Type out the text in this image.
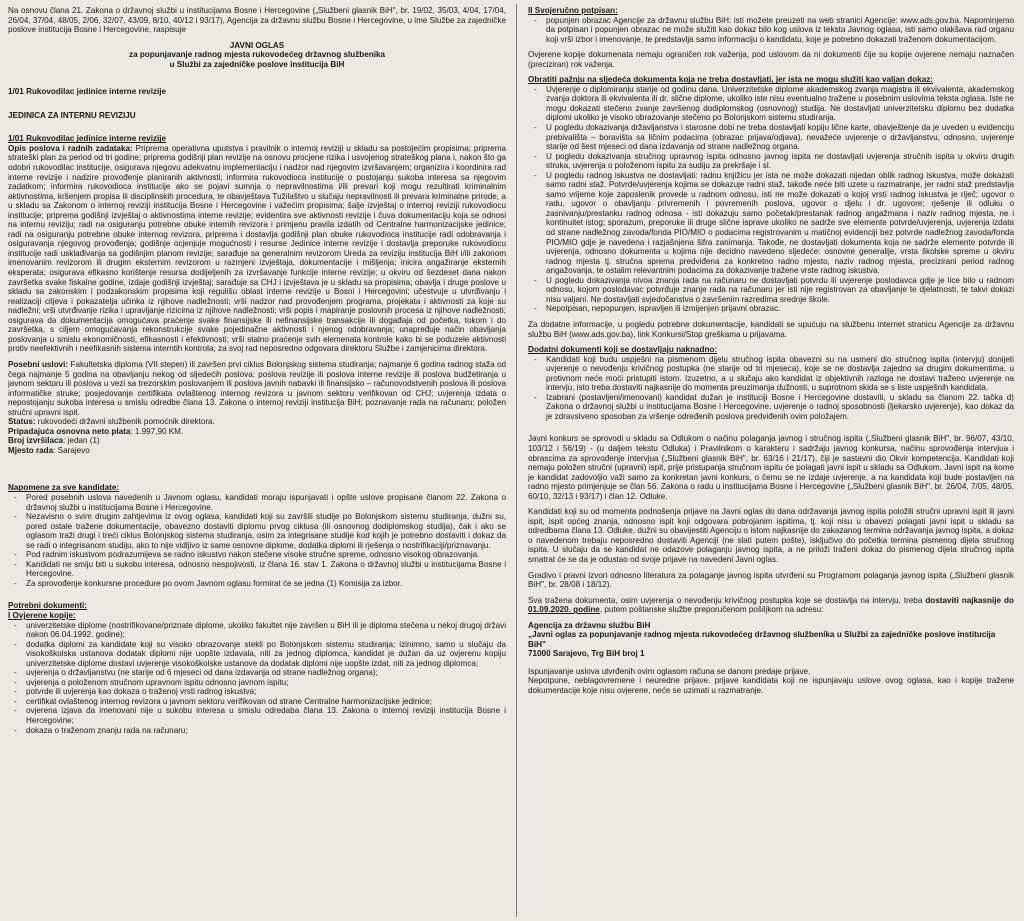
Na osnovu člana 21. Zakona o državnoj službi u institucijama Bosne i Hercegovine („Službeni glasnik BiH", br. 19/02, 35/03, 4/04, 17/04, 26/04, 37/04, 48/05, 2/06, 32/07, 43/09, 8/10, 40/12 i 93/17), Agencija za državnu službu Bosne i Hercegovine, u ime Službe za zajedničke poslove institucija Bosne i Hercegovine, raspisuje

JAVNI OGLAS
za popunjavanje radnog mjesta rukovodećeg državnog službenika
u Službi za zajedničke poslove institucija BiH
1/01 Rukovodilac jedinice interne revizije
JEDINICA ZA INTERNU REVIZIJU
1/01 Rukovodilac jedinice interne revizije

Opis poslova i radnih zadataka: Priprema operativna uputstva i pravilnik o internoj reviziji u skladu sa postojećim propisima; priprema strateški plan za period od tri godine; priprema godišnji plan revizije na osnovu procjene rizika i usvojenog strateškog plana i, nakon što ga odobri rukovodilac institucije, osigurava njegovu adekvatnu implementaciju i nadzor nad njegovim izvršavanjem; organizira i koordinira rad interne revizije i nadzire provođenje planiranih aktivnosti; informira rukovodioca institucije o postojanju sukoba interesa sa njegovim zadatkom; informira rukovodioca institucije ako se pojavi sumnja o nepravilnostima i/ili prevari koji mogu rezultirati kriminalnim aktivnostima, kršenjem propisa ili disciplinskih procedura, te obavještava Tužilaštvo u slučaju nepravilnosti ili prevara kriminalne prirode, a u skladu sa Zakonom o internoj reviziji institucija Bosne i Hercegovine i važećim propisima; šalje izvještaj o internoj reviziji rukovodiocu institucije; priprema godišnji izvještaj o aktivnostima interne revizije; evidentira sve aktivnosti revizije i čuva dokumentaciju koja se odnosi na internu reviziju; radi na osiguranju potrebne obuke internih revizora i primjenu pravila izdatih od Centralne harmonizacijske jedinice; radi na osiguranju potrebne obuke internog revizora, priprema i dostavlja godišnji plan obuke rukovodioca institucije radi odobravanja i osiguravanja njegovog provođenja; godišnje ocjenjuje mogućnosti i resurse Jedinice interne revizije i dostavlja preporuke rukovodiocu institucije radi usklađivanja sa godišnjim planom revizije; sarađuje sa generalnim revizorom Ureda za reviziju institucija BiH i/ili zakonom imenovanim revizorom ili drugim eksternim revizorom u razmjeni izvještaja, dokumentacije i mišljenja; inicira angažiranje eksternih eksperata; osigurava efikasno korištenje resursa dodijeljenih za izvršavanje funkcije interne revizije; u okviru od šezdeset dana nakon završetka svake fiskalne godine, izdaje godišnji izvještaj; sarađuje sa CHJ i izvještava je u skladu sa propisima; obavlja i druge poslove u skladu sa zakonskim i podzakonskim propisima koji regulišu oblast interne revizije u Bosni i Hercegovini; učestvuje u utvrđivanju i realizaciji ciljeva i pokazatelja učinka iz njihove nadležnosti; vrši nadzor nad provođenjem programa, projekata i aktivnosti za koje su nadležni; vrši utvrđivanje rizika i upravljanje rizicima iz njihove nadležnosti; vrši popis i mapiranje poslovnih procesa iz njihove nadležnosti; osigurava da dokumentacija omogućava praćenje svake finansijske ili nefinansijske transakcije ili događaja od početka, tokom i do završetka, s ciljem omogućavanja rekonstrukcije svake pojedinačne aktivnosti i njenog odobravanja; unapređuje način obavljanja poslovanja u smislu ekonomičnosti, efikasnosti i efektivnosti; vrši stalno praćenje svih elemenata kontrole kako bi se poduzele aktivnosti protiv neefektivnih i neefikasnih sistema interntih kontrola; za svoj rad neposredno odgovara direktoru Službe i zamjenicima direktora.

Posebni uslovi: Fakultetska diploma (VII stepen) ili završen prvi ciklus Bolonjskog sistema studiranja; najmanje 6 godina radnog staža od čega najmanje 5 godina na obavljanju nekog od sljedećih poslova: poslova revizije ili poslova interne revizije ili poslova budžetiranja u javnom sektoru ili poslova u vezi sa trezorskim poslovanjem ili poslova javnih nabavki ili finansijsko – računovodstvenih poslova ili poslova informatičke struke; posjedovanje certifikata ovlaštenog internog revizora u javnom sektoru verifikovan od CHJ; uvjerenja izdata o nepostojanju sukoba interesa u smislu odredbe člana 13. Zakona o internoj reviziji institucija BiH; poznavanje rada na računaru; položen stručni upravni ispit.

Status: rukovodeći državni službenik pomoćnik direktora.
Pripadajuća osnovna neto plata: 1.997,90 KM.
Broj izvršilaca: jedan (1)
Mjesto rada: Sarajevo
Napomene za sve kandidate:
- Pored posebnih uslova navedenih u Javnom oglasu, kandidati moraju ispunjavati i opšte uslove propisane članom 22. Zakona o državnoj službi u institucijama Bosne i Hercegovine.
- Nezavisno o svim drugim zahtjevima iz ovog oglasa, kandidati koji su završili studije po Bolonjskom sistemu studiranja, dužni su, pored ostale tražene dokumentacije, obavezno dostaviti diplomu prvog ciklusa (ili osnovnog dodiplomskog studija), čak i ako se oglasom traži drugi i treći ciklus Bolonjskog sistema studiranja, osim za integrisane studije kod kojih je potrebno dostaviti i dokaz da se radi o integrisanom studiju, ako to nije vidljivo iz same osnovne diplome, dodatka diplomi ili rješenja o nostrifikaciji/priznavanju.
- Pod radnim iskustvom podrazumijeva se radno iskustvo nakon stečene visoke stručne spreme, odnosno visokog obrazovanja.
- Kandidati ne smiju biti u sukobu interesa, odnosno nespojivosti, iz člana 16. stav 1. Zakona o državnoj službi u institucijama Bosne i Hercegovine.
- Za sprovođenje konkursne procedure po ovom Javnom oglasu formirat će se jedna (1) Komisija za izbor.
Potrebni dokumenti:
I Ovjerene kopije:
- univerzitetske diplome (nostrifikovane/priznate diplome, ukoliko fakultet nije završen u BiH ili je diploma stečena u nekoj drugoj državi nakon 06.04.1992. godine);
- dodatka diplomi za kandidate koji su visoko obrazovanje stekli po Bolonjskom sistemu studiranja; izinimno, samo u slučaju da visokoškolska ustanova dodatak diplomi nije uopšte izdavala, niti za jednog diplomca, kandidat je dužan da uz ovjerenu kopiju univerzitetske diplome dostavi uvjerenje visokoškolske ustanove da dodatak diplomi nije uopšte izdat, niti za jednog diplomca;
- uvjerenja o državljanstvu (ne starije od 6 mjeseci od dana izdavanja od strane nadležnog organa);
- uvjerenja o položenom stručnom upravnom ispitu odnosno javnom ispitu;
- potvrde ili uvjerenja kao dokaza o traženoj vrsti radnog iskustva;
- certifikat ovlaštenog internog revizora u javnom sektoru verifikovan od strane Centralne harmonizacijske jedinice;
- ovjerena izjava da imenovani nije u sukobu interesa u smislu odredaba člana 13. Zakona o internoj reviziji institucija Bosne i Hercegovine;
- dokaza o traženom znanju rada na računaru;
II Svojeručno potpisan:
- popunjen obrazac Agencije za državnu službu BiH: isti možete preuzeti na web stranici Agencije: www.ads.gov.ba. Napominjemo da potpisan i popunjen obrazac ne može služiti kao dokaz bilo kog uslova iz teksta Javnog oglasa, isti samo olakšava rad organu koji vrši izbor i imenovanje, te predstavlja samo informaciju o kandidatu, koje je potrebno dokazati traženom dokumentacijom.

Ovjerene kopije dokumenata nemaju ograničen rok važenja, pod uslovom da ni dokumenti čije su kopije ovjerene nemaju naznačen (preciziran) rok važenja.

Obratiti pažnju na sljedeća dokumenta koja ne treba dostavljati, jer ista ne mogu služiti kao valjan dokaz:
- Uvjerenje o diplomiranju starije od godinu dana. Univerzitetske diplome akademskog zvanja magistra ili ekvivalenta, akademskog zvanja doktora ili ekvivalenta ili dr. slične diplome, ukoliko iste nisu eventualno tražene u posebnim uslovima teksta oglasa. Iste ne mogu dokazati stečeno zvanje završenog dodiplomskog (osnovnog) studija. Ne dostavljati univerzitetsku diplomu bez dodatka diplomi ukoliko je visoko obrazovanje stečeno po Bolonjskom sistemu studiranja.
- U pogledu dokazivanja državljanstva i starosne dobi ne treba dostavljati kopiju lične karte, obavještenje da je uveden u evidenciju prebivališta – boravišta sa ličnim podacima (obrazac prijava/odjava), nevažeće uvjerenje o državljanstvu, odnosno, uvjerenje starije od šest mjeseci od dana izdavanja od strane nadležnog organa.
- U pogledu dokazivanja stručnog upravnog ispita odnosno javnog ispita ne dostavljati uvjerenja stručnih ispita u okviru drugih struka, uvjerenja o položenom ispitu za sudiju za prekršaje i sl.
- U pogledu radnog iskustva ne dostavljati: radnu knjižicu jer ista ne može dokazati nijedan oblik radnog iskustva, može dokazati samo radni staž. Potvrde/uvjerenja kojima se dokazuje radni staž, takođe neće biti uzete u razmatranje, jer radni staž predstavlja samo vrijeme koje zaposlenik provede u radnom odnosu, isti ne može dokazati o kojoj vrsti radnog iskustva je riječ; ugovor o radu, ugovor o obavljanju privremenih i povremenih poslova, ugovor o djelu i dr. ugovore; rješenje ili odluku o zasnivanju/prestanku radnog odnosa - isti dokazuju samo početak/prestanak radnog angažmana i naziv radnog mjesta, ne i kontinuitet istog; sporazum, preporuke ili druge slične isprave ukoliko ne sadrže sve elemente potvrde/uvjerenja, uvjerenja izdata od strane nadležnog zavoda/fonda PIO/MIO o podacima registrovanim u matičnoj evidenciji bez potvrde nadležnog zavoda/fonda PIO/MIO gdje je navedena i razjašnjena šifra zanimanja. Takođe, ne dostavljati dokumenta koja ne sadrže elemente potvrde ili uvjerenja, odnosno dokumenta u kojima nije decidno navedeno sljedeće: osnovne generalije, vrsta školske spreme u okviru radnog mjesta tj. stručna sprema predviđena za konkretno radno mjesto, naziv radnog mjesta, precizirani period radnog angažovanja, te ostalim relevantnim podacima za dokazivanje tražene vrste radnog iskustva.
- U pogledu dokazivanja nivoa znanja rada na računaru ne dostavljati potvrdu ili uvjerenje poslodavca gdje je lice bilo u radnom odnosu, kojom poslodavac potvrđuje znanje rada na računaru jer isti nije registrovan za obavljanje te djelatnosti, te takvi dokazi nisu valjani. Ne dostavljati svjedočanstva o završenim razredima srednje škole.
- Nepotpisan, nepopunjen, ispravljen ili izmijenjen prijavni obrazac.

Za dodatne informacije, u pogledu potrebne dokumentacije, kandidati se upućuju na službenu internet stranicu Agencije za državnu službu BiH (www.ads.gov.ba), link Konkursi/Stop greškama u prijavama.

Dodatni dokumenti koji se dostavljaju naknadno:
- Kandidati koji budu uspješni na pismenom dijelu stručnog ispita obavezni su na usmeni dio stručnog ispita (intervju) donijeti uvjerenje o nevođenju krivičnog postupka (ne starije od tri mjeseca), koje se ne dostavlja zajedno sa drugim dokumentima, u protivnom neće moći pristupiti istom. Izuzetno, a u slučaju ako kandidat iz objektivnih razloga ne dostavi traženo uvjerenje na intervju, isto treba dostaviti najkasnije do momenta preuzimanja dužnosti, u suprotnom skida se s liste uspješnih kandidata.
- Izabrani (postavljeni/imenovani) kandidat dužan je instituciji Bosne i Hercegovine dostaviti, u skladu sa članom 22. tačka d) Zakona o državnoj službi u institucijama Bosne i Hercegovine, uvjerenje o radnoj sposobnosti (ljekarsko uvjerenje), kao dokaz da je zdravstveno sposoban za vršenje određenih poslova predviđenih ovim položajem.

Javni konkurs se sprovodi u skladu sa Odlukom o načinu polaganja javnog i stručnog ispita („Službeni glasnik BiH", br. 96/07, 43/10, 103/12 i 56/19) - (u daljem tekstu Odluka) i Pravilnikom o karakteru i sadržaju javnog konkursa, načinu sprovođenja intervjua i obrascima za sprovođenje intervjua („Službeni glasnik BiH", br. 63/16 i 21/17), čiji je sastavni dio Okvir kompetencija. Kandidati koji nemaju položen stručni (upravni) ispit, prije pristupanja stručnom ispitu će polagati javni ispit u skladu sa Odlukom. Javni ispit na kome je kandidat zadovoljio važi samo za konkretan javni konkurs, o čemu se ne izdaje uvjerenje, a na kandidata koji bude postavljen na radno mjesto primjenjuje se član 56. Zakona o radu u institucijama Bosne i Hercegovine („Službeni glasnik BiH", br. 26/04, 7/05, 48/05, 60/10, 32/13 i 93/17) i član 12. Odluke.

Kandidati koji su od momenta podnošenja prijave na Javni oglas do dana održavanja javnog ispita položili stručni upravni ispit ili javni ispit, ispit općeg znanja, odnosno ispit koji odgovara pobrojanim ispitima, tj. koji nisu u obavezi polagati javni ispit u skladu sa odredbama člana 13. Odluke, dužni su obavijestiti Agenciju o istom najkasnije do zakazanog termina održavanja javnog ispita, a dokaz o navedenom trebaju neposredno dostaviti Agenciji (ne slati putem pošte), isključivo do početka termina pismenog dijela stručnog ispita. U slučaju da se kandidat ne odazove polaganju javnog ispita, a ne priloži traženi dokaz do pismenog dijela stručnog ispita smatrat će se da je odustao od svoje prijave na navedeni Javni oglas.

Gradivo i pravni izvori odnosno literatura za polaganje javnog ispita utvrđeni su Programom polaganja javnog ispita („Službeni glasnik BiH", br. 28/08 i 18/12).

Sva tražena dokumenta, osim uvjerenja o nevođenju krivičnog postupka koje se dostavlja na intervju, treba dostaviti najkasnije do 01.09.2020. godine, putem poštanske službe preporučenom pošiljkom na adresu:

Agencija za državnu službu BiH
„Javni oglas za popunjavanje radnog mjesta rukovodećeg državnog službenika u Službi za zajedničke poslove institucija BiH"
71000 Sarajevo, Trg BiH broj 1

Ispunjavanje uslova utvrđenih ovim oglasom računa se danom predaje prijave.

Nepotpune, neblagovremene i neuredne prijave, prijave kandidata koji ne ispunjavaju uslove ovog oglasa, kao i kopije tražene dokumentacije koje nisu ovjerene, neće se uzimati u razmatranje.
